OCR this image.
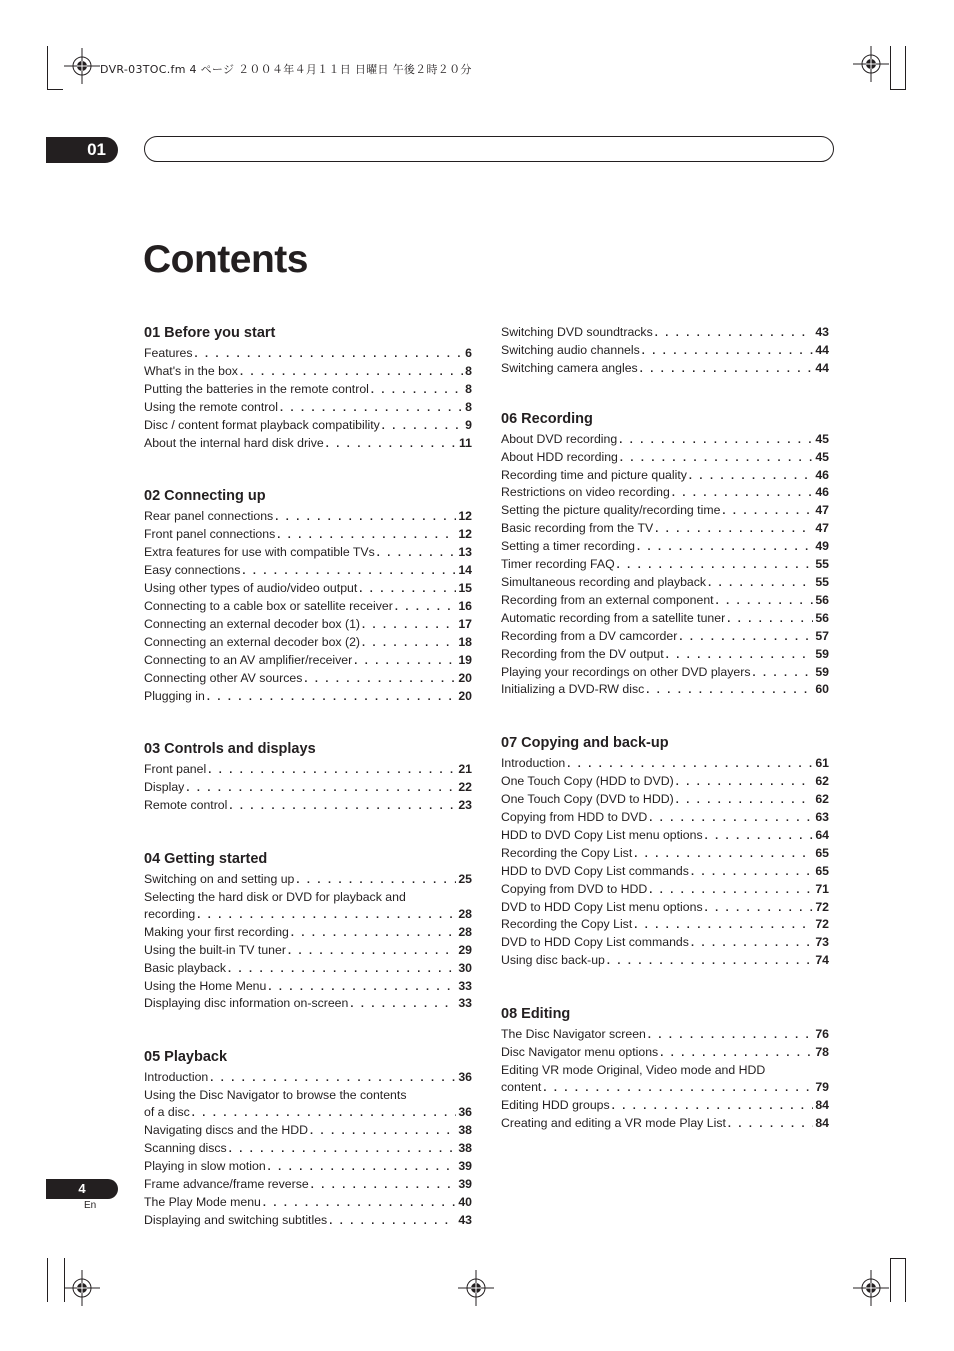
DVR-03TOC.fm 4 ページ ２００４年４月１１日 日曜日 午後２時２０分
01
Contents
01 Before you start
Features . . .	6
What's in the box . . .	8
Putting the batteries in the remote control . . .	8
Using the remote control . . .	8
Disc / content format playback compatibility . . .	9
About the internal hard disk drive . . .	11
02 Connecting up
Rear panel connections . . .	12
Front panel connections . . .	12
Extra features for use with compatible TVs . . .	13
Easy connections . . .	14
Using other types of audio/video output . . .	15
Connecting to a cable box or satellite receiver . . .	16
Connecting an external decoder box (1) . . .	17
Connecting an external decoder box (2) . . .	18
Connecting to an AV amplifier/receiver . . .	19
Connecting other AV sources . . .	20
Plugging in . . .	20
03 Controls and displays
Front panel . . .	21
Display . . .	22
Remote control . . .	23
04 Getting started
Switching on and setting up . . .	25
Selecting the hard disk or DVD for playback and
recording . . .	28
Making your first recording . . .	28
Using the built-in TV tuner . . .	29
Basic playback . . .	30
Using the Home Menu . . .	33
Displaying disc information on-screen . . .	33
05 Playback
Introduction . . .	36
Using the Disc Navigator to browse the contents
of a disc . . .	36
Navigating discs and the HDD . . .	38
Scanning discs . . .	38
Playing in slow motion . . .	39
Frame advance/frame reverse . . .	39
The Play Mode menu . . .	40
Displaying and switching subtitles . . .	43
Switching DVD soundtracks . . .	43
Switching audio channels . . .	44
Switching camera angles . . .	44
06 Recording
About DVD recording . . .	45
About HDD recording . . .	45
Recording time and picture quality . . .	46
Restrictions on video recording . . .	46
Setting the picture quality/recording time . . .	47
Basic recording from the TV . . .	47
Setting a timer recording . . .	49
Timer recording FAQ . . .	55
Simultaneous recording and playback . . .	55
Recording from an external component . . .	56
Automatic recording from a satellite tuner . . .	56
Recording from a DV camcorder . . .	57
Recording from the DV output . . .	59
Playing your recordings on other DVD players . . .	59
Initializing a DVD-RW disc . . .	60
07 Copying and back-up
Introduction . . .	61
One Touch Copy (HDD to DVD) . . .	62
One Touch Copy (DVD to HDD) . . .	62
Copying from HDD to DVD . . .	63
HDD to DVD Copy List menu options . . .	64
Recording the Copy List . . .	65
HDD to DVD Copy List commands . . .	65
Copying from DVD to HDD . . .	71
DVD to HDD Copy List menu options . . .	72
Recording the Copy List . . .	72
DVD to HDD Copy List commands . . .	73
Using disc back-up . . .	74
08 Editing
The Disc Navigator screen . . .	76
Disc Navigator menu options . . .	78
Editing VR mode Original, Video mode and HDD
content . . .	79
Editing HDD groups . . .	84
Creating and editing a VR mode Play List . . .	84
4
En
